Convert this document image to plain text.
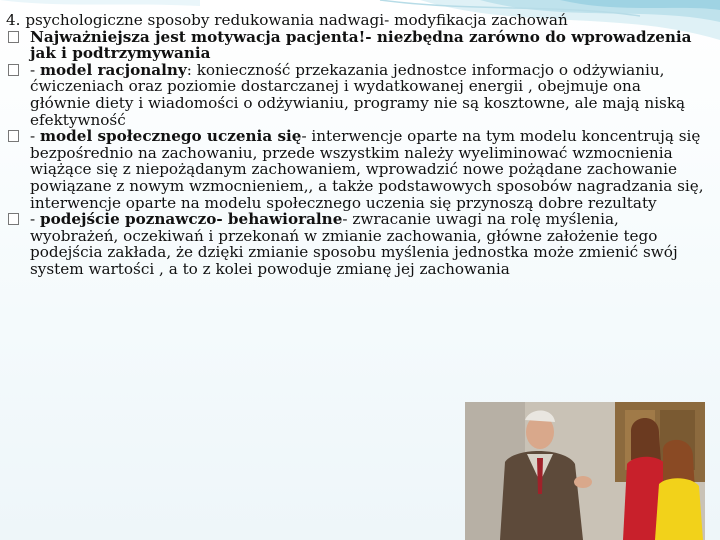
4. psychologiczne sposoby redukowania nadwagi- modyfikacja zachowań
Najważniejsza jest motywacja pacjenta!- niezbędna zarówno do wprowadzenia jak i podtrzymywania
- model racjonalny: konieczność przekazania jednostce informacjo o odżywianiu, ćwiczeniach oraz poziomie dostarczanej i wydatkowanej energii , obejmuje ona głównie diety i wiadomości o odżywianiu, programy nie są kosztowne, ale mają niską efektywność
- model społecznego uczenia się- interwencje oparte na tym modelu koncentrują się bezpośrednio na zachowaniu, przede wszystkim należy wyeliminować wzmocnienia wiążące się z niepożądanym zachowaniem, wprowadzić nowe pożądane zachowanie powiązane z nowym wzmocnieniem,, a także podstawowych sposobów nagradzania się, interwencje oparte na modelu społecznego uczenia się przynoszą dobre rezultaty
- podejście poznawczo- behawioralne- zwracanie uwagi na rolę myślenia, wyobrażeń, oczekiwań i przekonań w zmianie zachowania, główne założenie tego podejścia zakłada, że dzięki zmianie sposobu myślenia jednostka może zmienić swój system wartości , a to z kolei powoduje zmianę jej zachowania
